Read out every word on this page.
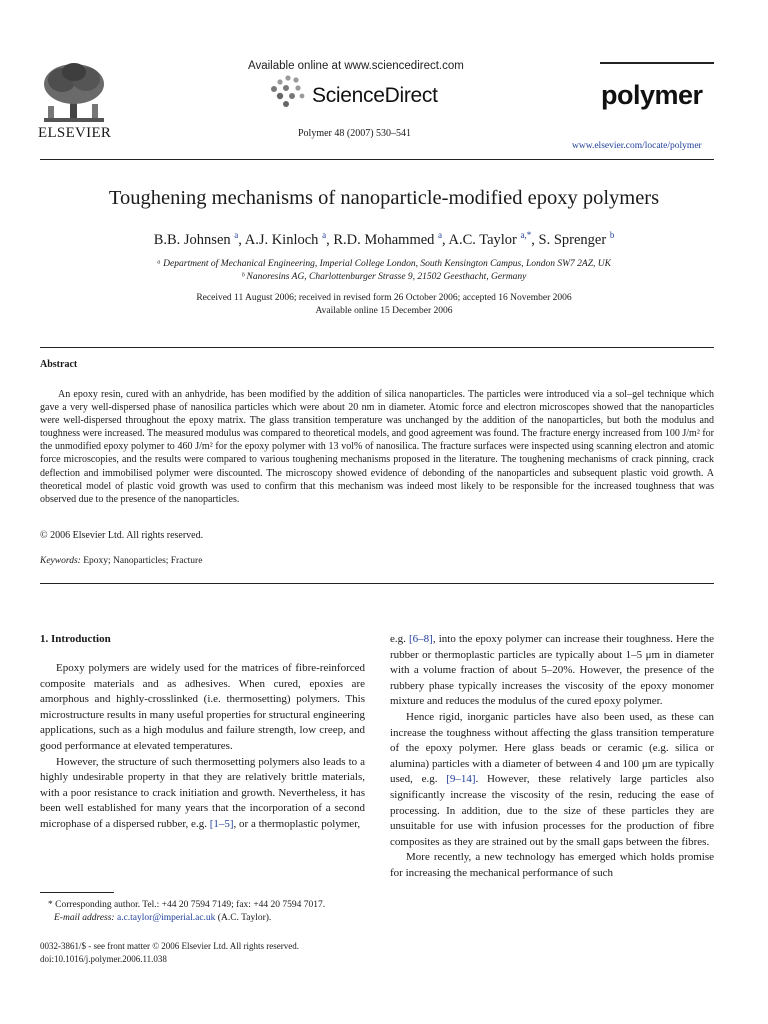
ELSEVIER
Available online at www.sciencedirect.com
ScienceDirect
Polymer 48 (2007) 530–541
polymer
www.elsevier.com/locate/polymer
Toughening mechanisms of nanoparticle-modified epoxy polymers
B.B. Johnsen $^a$, A.J. Kinloch $^a$, R.D. Mohammed $^a$, A.C. Taylor $^{a,*}$, S. Sprenger $^b$
ᵃ Department of Mechanical Engineering, Imperial College London, South Kensington Campus, London SW7 2AZ, UK
ᵇ Nanoresins AG, Charlottenburger Strasse 9, 21502 Geesthacht, Germany
Received 11 August 2006; received in revised form 26 October 2006; accepted 16 November 2006
Available online 15 December 2006
Abstract
An epoxy resin, cured with an anhydride, has been modified by the addition of silica nanoparticles. The particles were introduced via a sol–gel technique which gave a very well-dispersed phase of nanosilica particles which were about 20 nm in diameter. Atomic force and electron microscopes showed that the nanoparticles were well-dispersed throughout the epoxy matrix. The glass transition temperature was unchanged by the addition of the nanoparticles, but both the modulus and toughness were increased. The measured modulus was compared to theoretical models, and good agreement was found. The fracture energy increased from 100 J/m² for the unmodified epoxy polymer to 460 J/m² for the epoxy polymer with 13 vol% of nanosilica. The fracture surfaces were inspected using scanning electron and atomic force microscopies, and the results were compared to various toughening mechanisms proposed in the literature. The toughening mechanisms of crack pinning, crack deflection and immobilised polymer were discounted. The microscopy showed evidence of debonding of the nanoparticles and subsequent plastic void growth. A theoretical model of plastic void growth was used to confirm that this mechanism was indeed most likely to be responsible for the increased toughness that was observed due to the presence of the nanoparticles.
© 2006 Elsevier Ltd. All rights reserved.
Keywords: Epoxy; Nanoparticles; Fracture
1. Introduction

Epoxy polymers are widely used for the matrices of fibre-reinforced composite materials and as adhesives. When cured, epoxies are amorphous and highly-crosslinked (i.e. thermosetting) polymers. This microstructure results in many useful properties for structural engineering applications, such as a high modulus and failure strength, low creep, and good performance at elevated temperatures.

However, the structure of such thermosetting polymers also leads to a highly undesirable property in that they are relatively brittle materials, with a poor resistance to crack initiation and growth. Nevertheless, it has been well established for many years that the incorporation of a second microphase of a dispersed rubber, e.g. [1–5], or a thermoplastic polymer,

e.g. [6–8], into the epoxy polymer can increase their toughness. Here the rubber or thermoplastic particles are typically about 1–5 μm in diameter with a volume fraction of about 5–20%. However, the presence of the rubbery phase typically increases the viscosity of the epoxy monomer mixture and reduces the modulus of the cured epoxy polymer.

Hence rigid, inorganic particles have also been used, as these can increase the toughness without affecting the glass transition temperature of the epoxy polymer. Here glass beads or ceramic (e.g. silica or alumina) particles with a diameter of between 4 and 100 μm are typically used, e.g. [9–14]. However, these relatively large particles also significantly increase the viscosity of the resin, reducing the ease of processing. In addition, due to the size of these particles they are unsuitable for use with infusion processes for the production of fibre composites as they are strained out by the small gaps between the fibres.

More recently, a new technology has emerged which holds promise for increasing the mechanical performance of such

* Corresponding author. Tel.: +44 20 7594 7149; fax: +44 20 7594 7017.
E-mail address: a.c.taylor@imperial.ac.uk (A.C. Taylor).
0032-3861/$ - see front matter © 2006 Elsevier Ltd. All rights reserved.
doi:10.1016/j.polymer.2006.11.038
